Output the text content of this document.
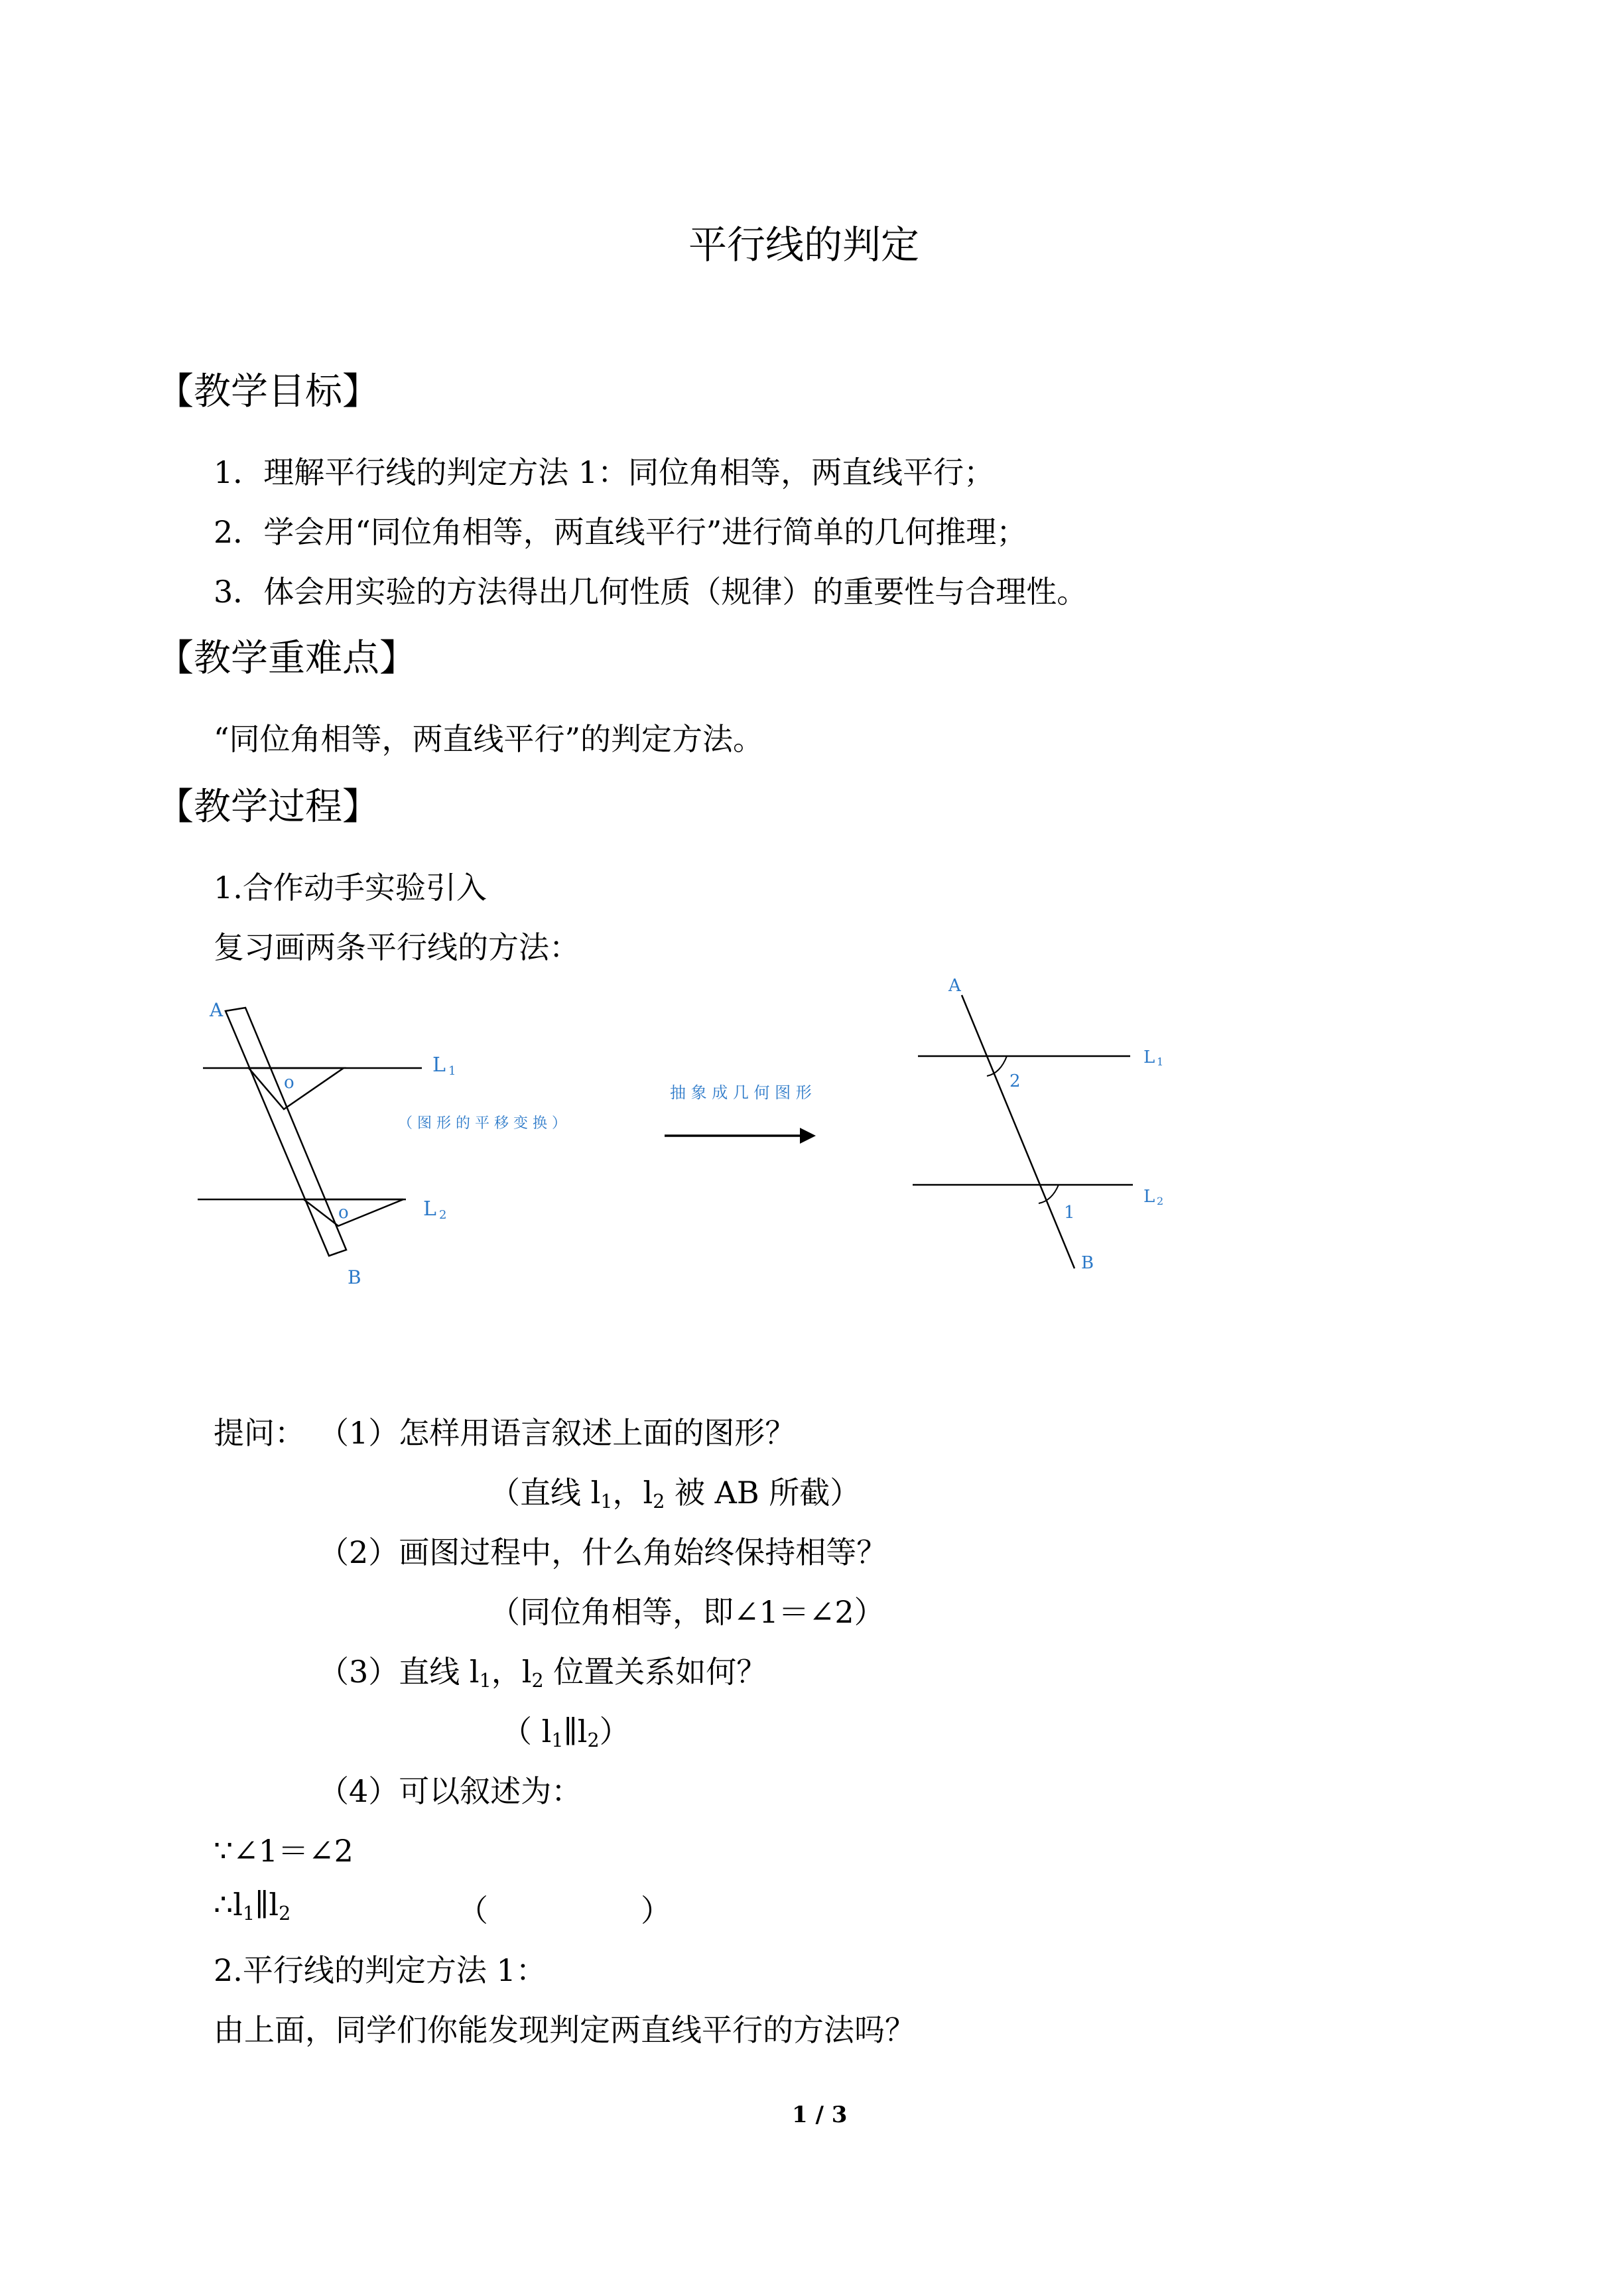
平行线的判定
【教学目标】
1．理解平行线的判定方法 1：同位角相等，两直线平行；
2．学会用“同位角相等，两直线平行”进行简单的几何推理；
3．体会用实验的方法得出几何性质（规律）的重要性与合理性。
【教学重难点】
“同位角相等，两直线平行”的判定方法。
【教学过程】
1.合作动手实验引入
复习画两条平行线的方法：
A
B
o
o
L 1
L 2
抽 象 成 几 何 图 形
（ 图 形 的 平 移 变 换 ）
A
B
2
1
L 1
L 2
提问： （1）怎样用语言叙述上面的图形？
（直线 $l_1$，$l_2$ 被 AB 所截）
（2）画图过程中，什么角始终保持相等？
（同位角相等，即∠1＝∠2）
（3）直线 $l_1$，$l_2$ 位置关系如何？
（ $l_1\parallel l_2$）
（4）可以叙述为：
∵∠1＝∠2
$\therefore l_1\parallel l_2$	（　　　　　）
2.平行线的判定方法 1：
由上面，同学们你能发现判定两直线平行的方法吗？
1 / 3
